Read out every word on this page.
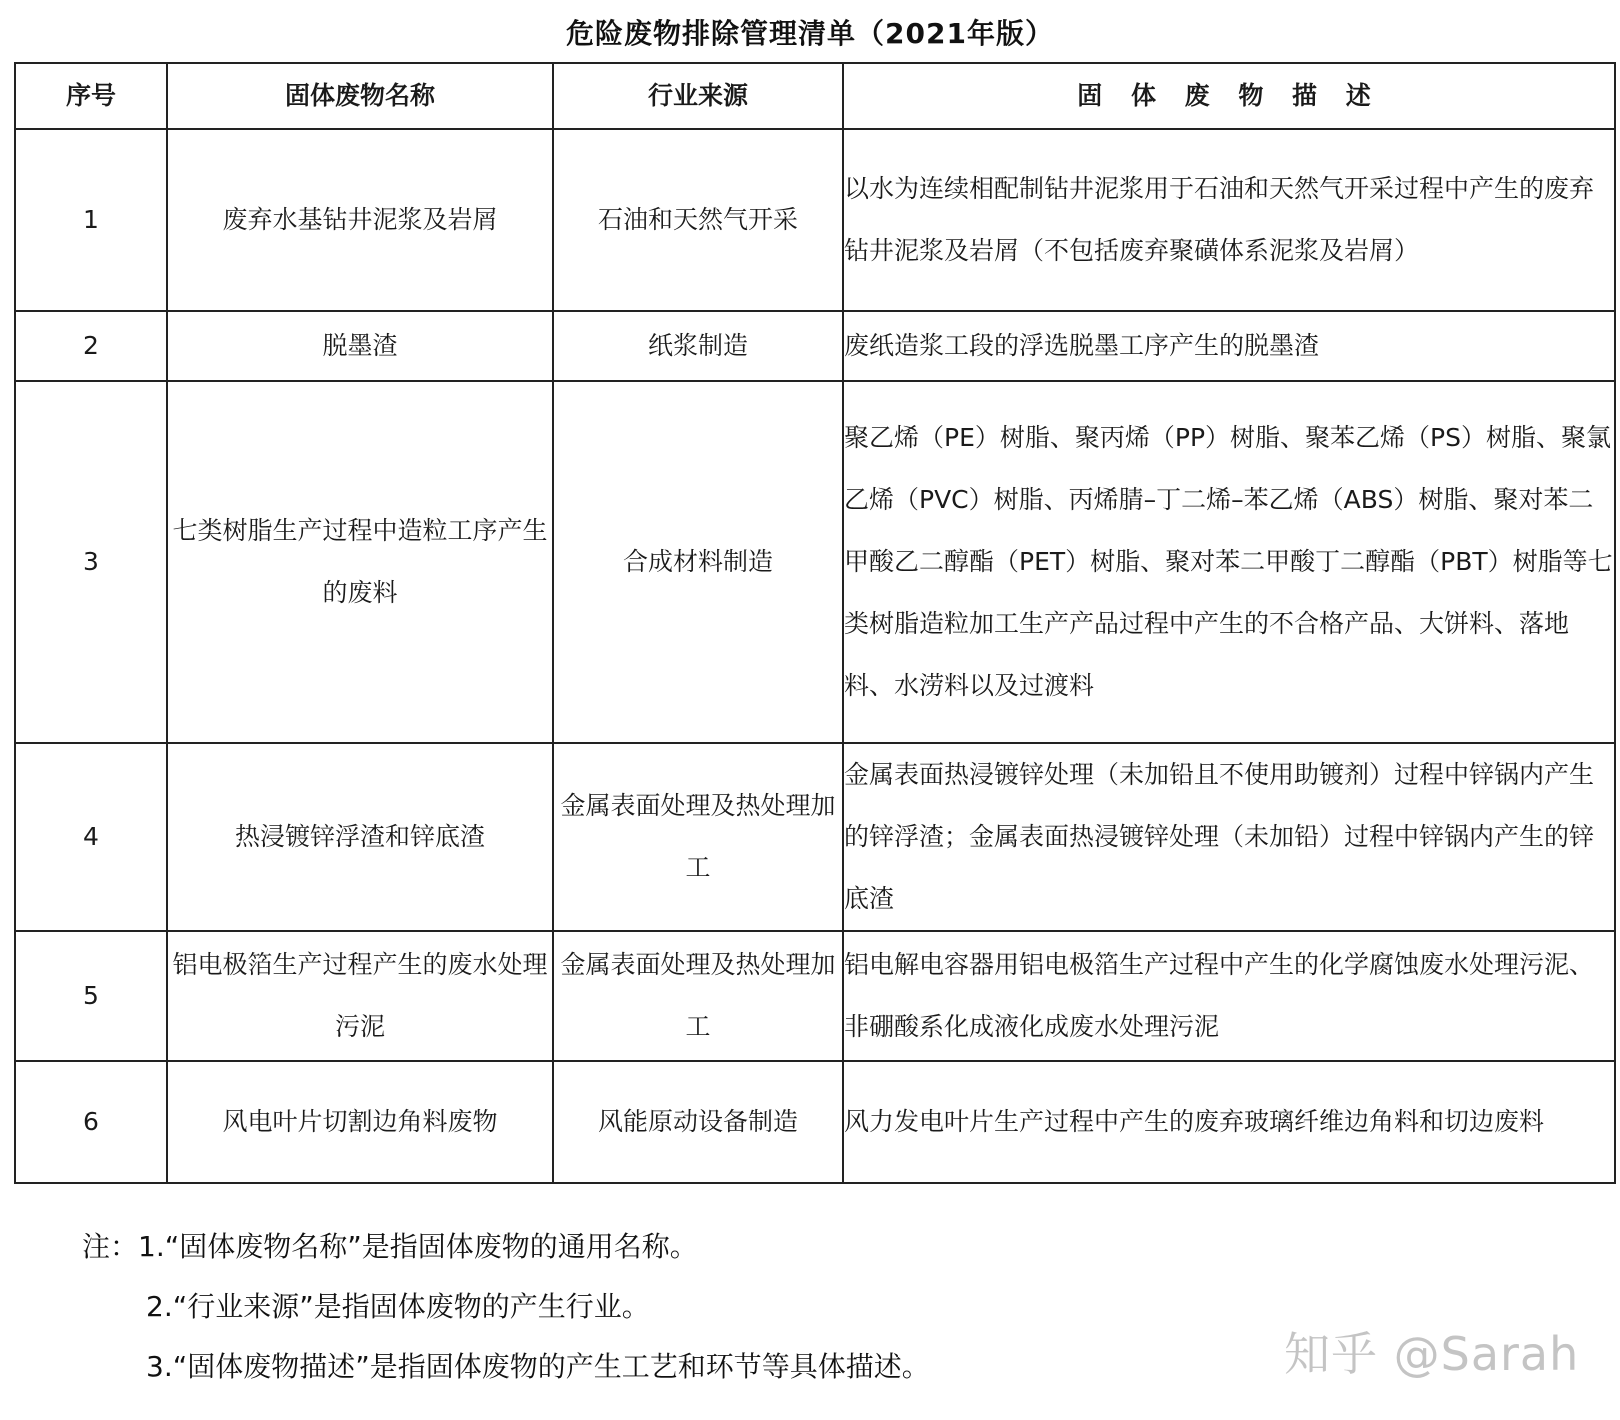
危险废物排除管理清单（2021年版）
序号	固体废物名称	行业来源	固 体 废 物 描 述
1	废弃水基钻井泥浆及岩屑	石油和天然气开采	以水为连续相配制钻井泥浆用于石油和天然气开采过程中产生的废弃钻井泥浆及岩屑（不包括废弃聚磺体系泥浆及岩屑）
2	脱墨渣	纸浆制造	废纸造浆工段的浮选脱墨工序产生的脱墨渣
3	七类树脂生产过程中造粒工序产生的废料	合成材料制造	聚乙烯（PE）树脂、聚丙烯（PP）树脂、聚苯乙烯（PS）树脂、聚氯乙烯（PVC）树脂、丙烯腈–丁二烯–苯乙烯（ABS）树脂、聚对苯二甲酸乙二醇酯（PET）树脂、聚对苯二甲酸丁二醇酯（PBT）树脂等七类树脂造粒加工生产产品过程中产生的不合格产品、大饼料、落地料、水涝料以及过渡料
4	热浸镀锌浮渣和锌底渣	金属表面处理及热处理加工	金属表面热浸镀锌处理（未加铅且不使用助镀剂）过程中锌锅内产生的锌浮渣；金属表面热浸镀锌处理（未加铅）过程中锌锅内产生的锌底渣
5	铝电极箔生产过程产生的废水处理污泥	金属表面处理及热处理加工	铝电解电容器用铝电极箔生产过程中产生的化学腐蚀废水处理污泥、非硼酸系化成液化成废水处理污泥
6	风电叶片切割边角料废物	风能原动设备制造	风力发电叶片生产过程中产生的废弃玻璃纤维边角料和切边废料
注：1.“固体废物名称”是指固体废物的通用名称。
2.“行业来源”是指固体废物的产生行业。
3.“固体废物描述”是指固体废物的产生工艺和环节等具体描述。	知乎 @Sarah
